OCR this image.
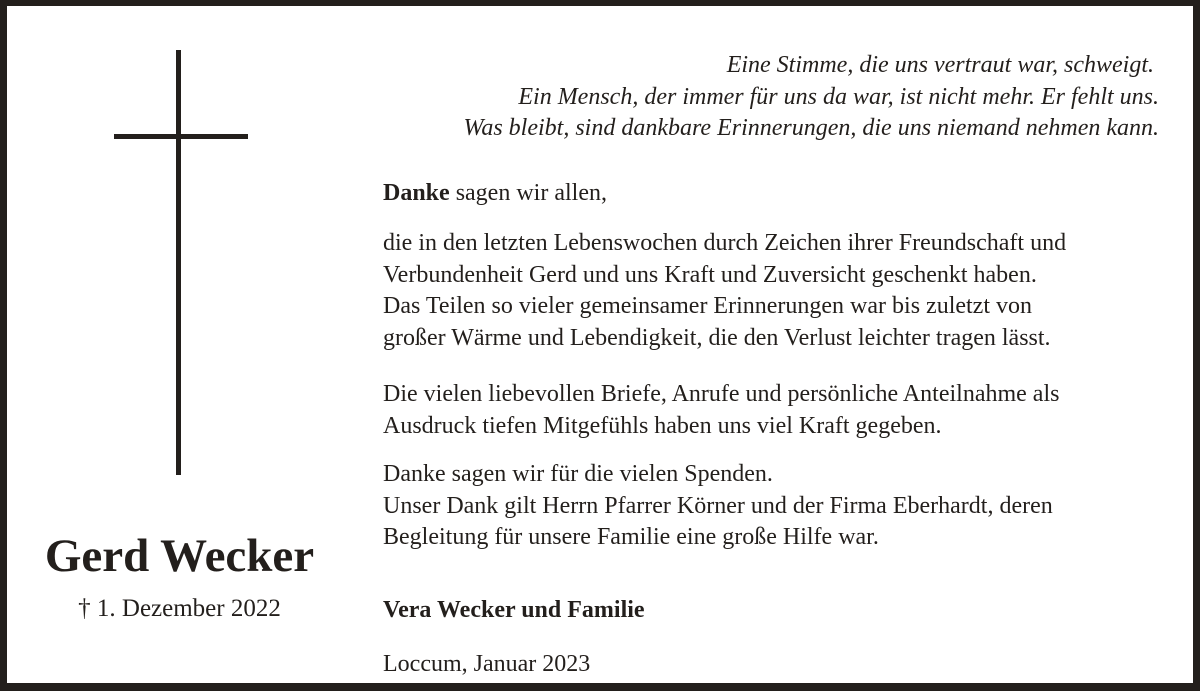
Gerd Wecker
† 1. Dezember 2022
Eine Stimme, die uns vertraut war, schweigt.
Ein Mensch, der immer für uns da war, ist nicht mehr. Er fehlt uns.
Was bleibt, sind dankbare Erinnerungen, die uns niemand nehmen kann.
Danke sagen wir allen,
die in den letzten Lebenswochen durch Zeichen ihrer Freundschaft und
Verbundenheit Gerd und uns Kraft und Zuversicht geschenkt haben.
Das Teilen so vieler gemeinsamer Erinnerungen war bis zuletzt von
großer Wärme und Lebendigkeit, die den Verlust leichter tragen lässt.
Die vielen liebevollen Briefe, Anrufe und persönliche Anteilnahme als
Ausdruck tiefen Mitgefühls haben uns viel Kraft gegeben.
Danke sagen wir für die vielen Spenden.
Unser Dank gilt Herrn Pfarrer Körner und der Firma Eberhardt, deren
Begleitung für unsere Familie eine große Hilfe war.
Vera Wecker und Familie
Loccum, Januar 2023
